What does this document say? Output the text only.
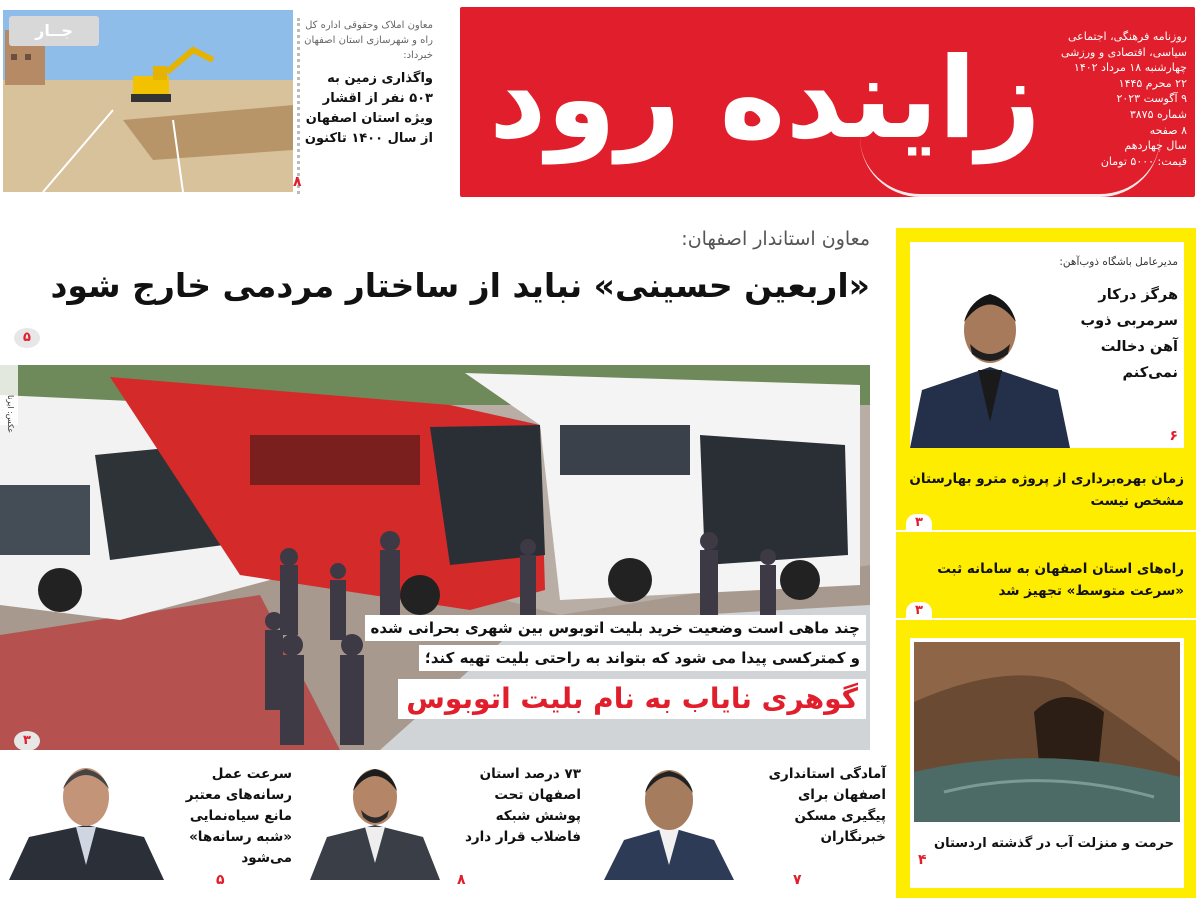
زاینده رود	روزنامه فرهنگی، اجتماعی
سیاسی، اقتصادی و ورزشی
چهارشنبه ۱۸ مرداد ۱۴۰۲
۲۲ محرم ۱۴۴۵
۹ آگوست ۲۰۲۳
شماره ۳۸۷۵
۸ صفحه
سال چهاردهم
قیمت: ۵۰۰۰ تومان
جــار	معاون املاک وحقوقی اداره کل راه و شهرسازی استان اصفهان خبرداد:
واگذاری زمین به ۵۰۳ نفر از اقشار ویژه استان اصفهان از سال ۱۴۰۰ تاکنون
۸
معاون استاندار اصفهان:
«اربعین حسینی» نباید از ساختار مردمی خارج شود
۵
چند ماهی است وضعیت خرید بلیت اتوبوس بین شهری بحرانی شده
و کمترکسی پیدا می شود که بتواند به راحتی بلیت تهیه کند؛
گوهری نایاب به نام بلیت اتوبوس
۳
عکس: ایرنا
آمادگی استانداری اصفهان برای پیگیری مسکن خبرنگاران
۷
۷۳ درصد استان اصفهان تحت پوشش شبکه فاضلاب قرار دارد
۸
سرعت عمل رسانه‌های معتبر مانع سیاه‌نمایی «شبه رسانه‌ها» می‌شود
۵
مدیرعامل باشگاه ذوب‌آهن:
هرگز درکار سرمربی ذوب آهن دخالت نمی‌کنم
۶
زمان بهره‌برداری از پروژه مترو بهارستان مشخص نیست
۳
راه‌های استان اصفهان به سامانه ثبت «سرعت متوسط» تجهیز شد
۳
حرمت و منزلت آب در گذشته اردستان
۴
